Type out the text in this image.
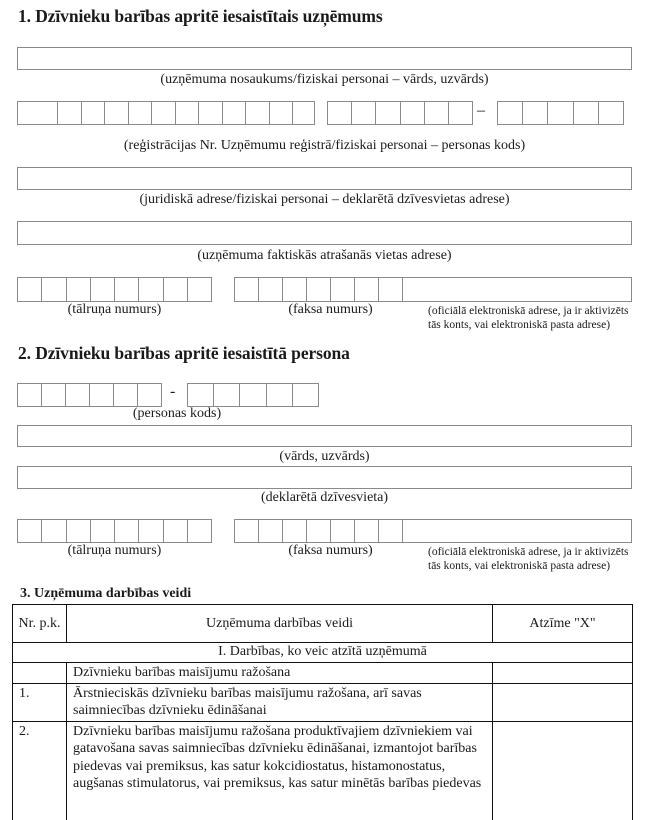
1. Dzīvnieku barības apritē iesaistītais uzņēmums
(uzņēmuma nosaukums/fiziskai personai – vārds, uzvārds)
–
(reģistrācijas Nr. Uzņēmumu reģistrā/fiziskai personai – personas kods)
(juridiskā adrese/fiziskai personai – deklarētā dzīvesvietas adrese)
(uzņēmuma faktiskās atrašanās vietas adrese)
(tālruņa numurs)	(faksa numurs)	(oficiālā elektroniskā adrese, ja ir aktivizēts tās konts, vai elektroniskā pasta adrese)
2. Dzīvnieku barības apritē iesaistītā persona
-
(personas kods)
(vārds, uzvārds)
(deklarētā dzīvesvieta)
(tālruņa numurs)	(faksa numurs)	(oficiālā elektroniskā adrese, ja ir aktivizēts tās konts, vai elektroniskā pasta adrese)
3. Uzņēmuma darbības veidi
Nr. p.k.	Uzņēmuma darbības veidi	Atzīme "X"
I. Darbības, ko veic atzītā uzņēmumā		
	Dzīvnieku barības maisījumu ražošana	
1.	Ārstnieciskās dzīvnieku barības maisījumu ražošana, arī savas saimniecības dzīvnieku ēdināšanai	
2.	Dzīvnieku barības maisījumu ražošana produktīvajiem dzīvniekiem vai gatavošana savas saimniecības dzīvnieku ēdināšanai, izmantojot barības piedevas vai premiksus, kas satur kokcidiostatus, histamonostatus, augšanas stimulatorus, vai premiksus, kas satur minētās barības piedevas	
